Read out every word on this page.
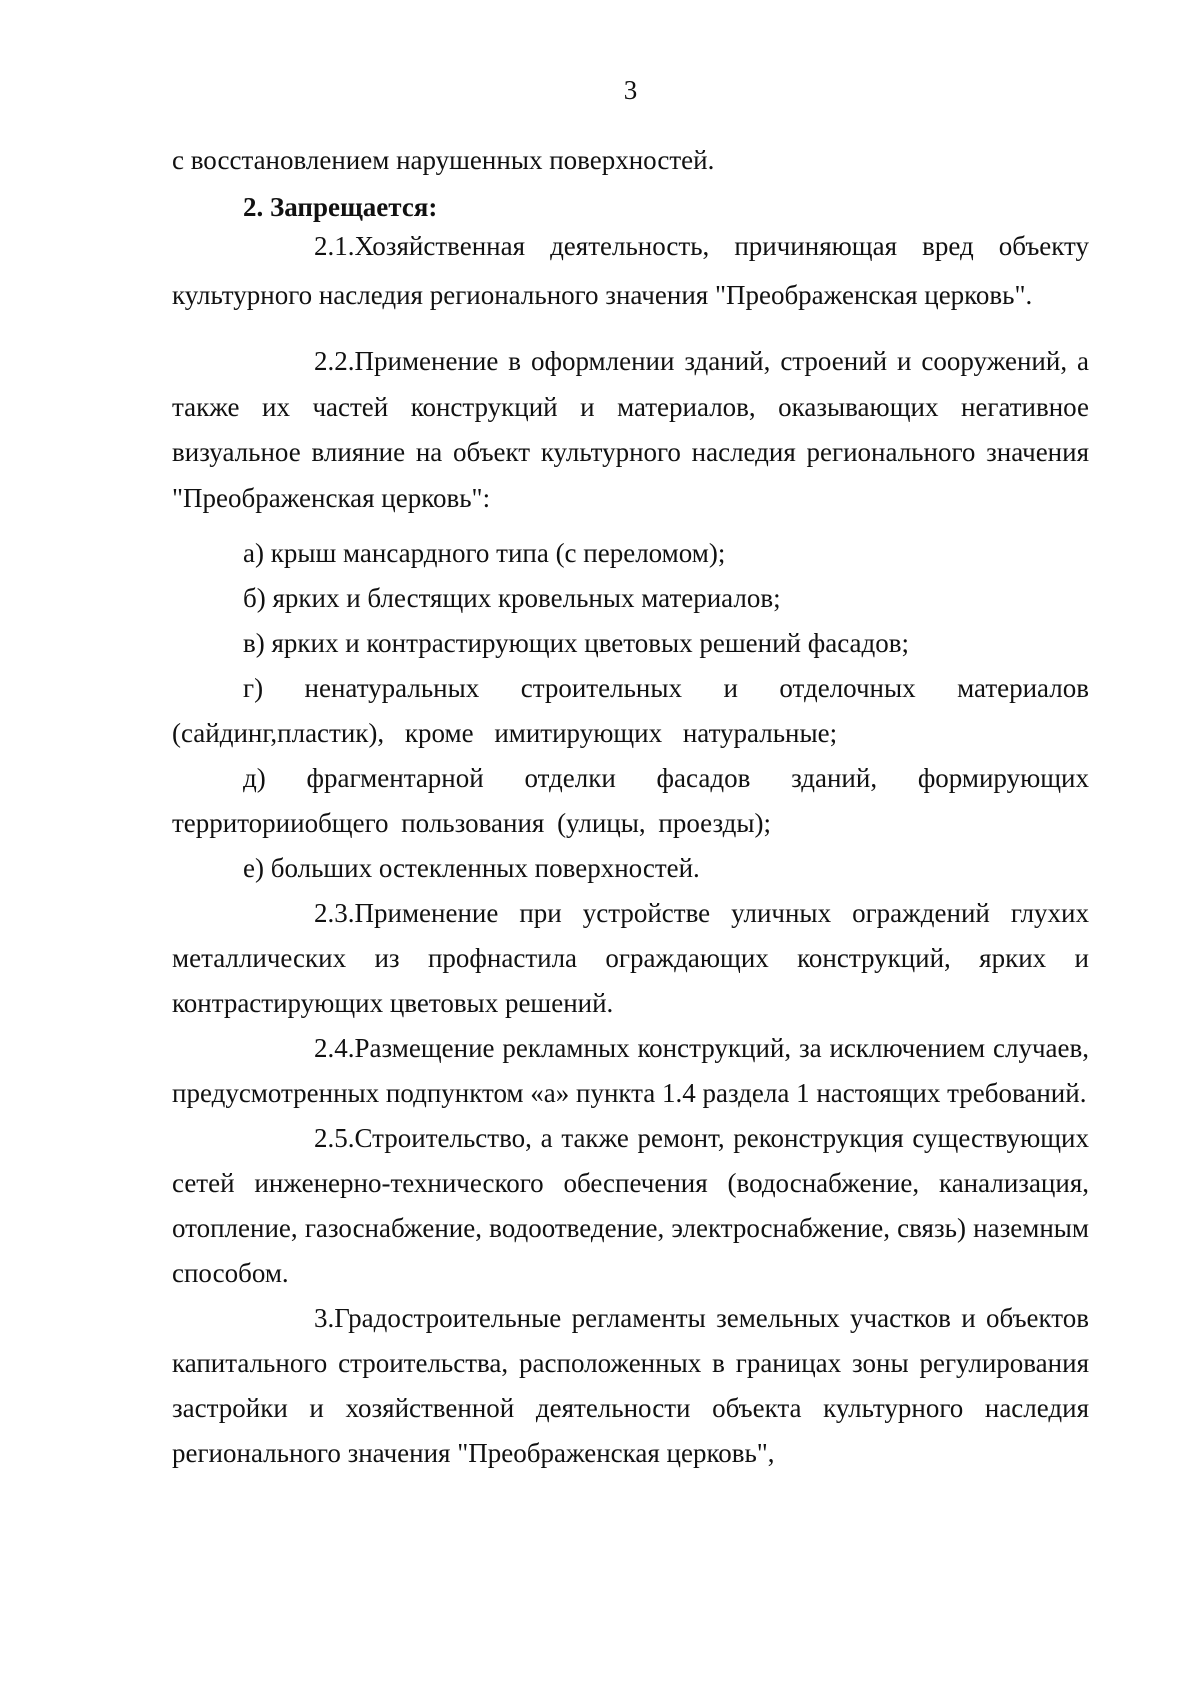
3

с восстановлением нарушенных поверхностей.

2. Запрещается:

2.1.Хозяйственная деятельность, причиняющая вред объекту культурного наследия регионального значения "Преображенская церковь".

2.2.Применение в оформлении зданий, строений и сооружений, а также их частей конструкций и материалов, оказывающих негативное визуальное влияние на объект культурного наследия регионального значения "Преображенская церковь":

а) крыш мансардного типа (с переломом);

б) ярких и блестящих кровельных материалов;

в) ярких и контрастирующих цветовых решений фасадов;

г) ненатуральных строительных и отделочных материалов (сайдинг,пластик), кроме имитирующих натуральные;

д) фрагментарной отделки фасадов зданий, формирующих территорииобщего пользования (улицы, проезды);

е) больших остекленных поверхностей.

2.3.Применение при устройстве уличных ограждений глухих металлических из профнастила ограждающих конструкций, ярких и контрастирующих цветовых решений.

2.4.Размещение рекламных конструкций, за исключением случаев, предусмотренных подпунктом «а» пункта 1.4 раздела 1 настоящих требований.

2.5.Строительство, а также ремонт, реконструкция существующих сетей инженерно-технического обеспечения (водоснабжение, канализация, отопление, газоснабжение, водоотведение, электроснабжение, связь) наземным способом.

3.Градостроительные регламенты земельных участков и объектов капитального строительства, расположенных в границах зоны регулирования застройки и хозяйственной деятельности объекта культурного наследия регионального значения "Преображенская церковь",
